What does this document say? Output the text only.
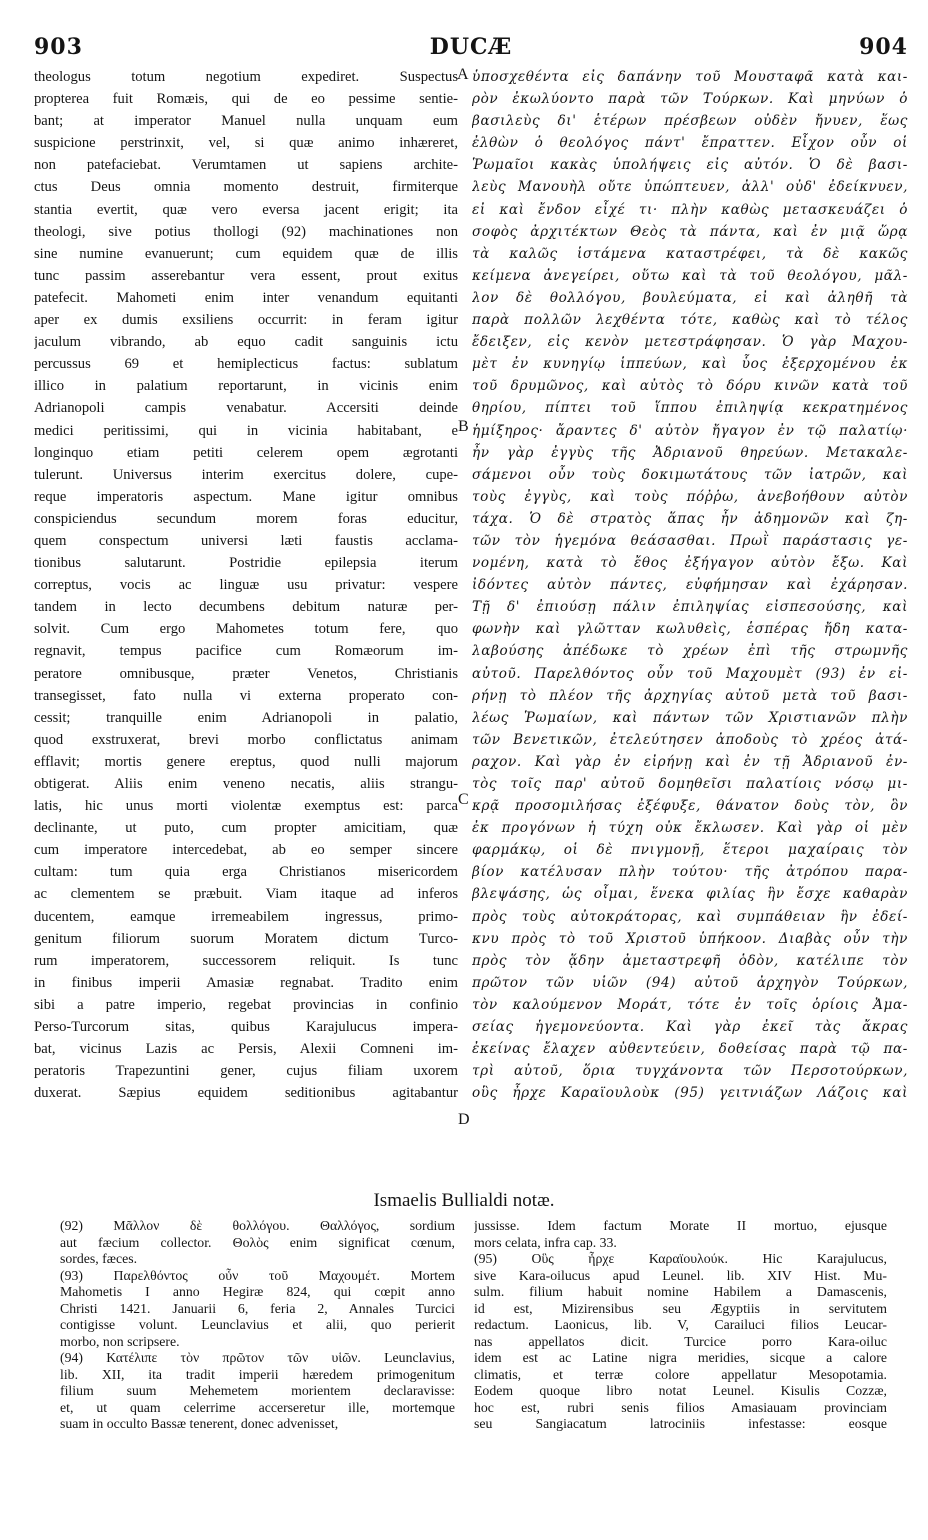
903	DUCÆ	904

theologus totum negotium expediret. Suspectus

propterea fuit Romæis, qui de eo pessime sentie-

bant; at imperator Manuel nulla unquam eum

suspicione perstrinxit, vel, si quæ animo inhæreret,

non patefaciebat. Verumtamen ut sapiens archite-

ctus Deus omnia momento destruit, firmiterque

stantia evertit, quæ vero eversa jacent erigit; ita

theologi, sive potius thollogi (92) machinationes non

sine numine evanuerunt; cum equidem quæ de illis

tunc passim asserebantur vera essent, prout exitus

patefecit. Mahometi enim inter venandum equitanti

aper ex dumis exsiliens occurrit: in feram igitur

jaculum vibrando, ab equo cadit sanguinis ictu

percussus 69 et hemiplecticus factus: sublatum

illico in palatium reportarunt, in vicinis enim

Adrianopoli campis venabatur. Accersiti deinde

medici peritissimi, qui in vicinia habitabant, e

longinquo etiam petiti celerem opem ægrotanti

tulerunt. Universus interim exercitus dolere, cupe-

reque imperatoris aspectum. Mane igitur omnibus

conspiciendus secundum morem foras educitur,

quem conspectum universi læti faustis acclama-

tionibus salutarunt. Postridie epilepsia iterum

correptus, vocis ac linguæ usu privatur: vespere

tandem in lecto decumbens debitum naturæ per-

solvit. Cum ergo Mahometes totum fere, quo

regnavit, tempus pacifice cum Romæorum im-

peratore omnibusque, præter Venetos, Christianis

transegisset, fato nulla vi externa properato con-

cessit; tranquille enim Adrianopoli in palatio,

quod exstruxerat, brevi morbo conflictatus animam

efflavit; mortis genere ereptus, quod nulli majorum

obtigerat. Aliis enim veneno necatis, aliis strangu-

latis, hic unus morti violentæ exemptus est: parca

declinante, ut puto, cum propter amicitiam, quæ

cum imperatore intercedebat, ab eo semper sincere

cultam: tum quia erga Christianos misericordem

ac clementem se præbuit. Viam itaque ad inferos

ducentem, eamque irremeabilem ingressus, primo-

genitum filiorum suorum Moratem dictum Turco-

rum imperatorem, successorem reliquit. Is tunc

in finibus imperii Amasiæ regnabat. Tradito enim

sibi a patre imperio, regebat provincias in confinio

Perso-Turcorum sitas, quibus Karajulucus impera-

bat, vicinus Lazis ac Persis, Alexii Comneni im-

peratoris Trapezuntini gener, cujus filiam uxorem

duxerat. Sæpius equidem seditionibus agitabantur

ὑποσχεθέντα εἰς δαπάνην τοῦ Μουσταφᾶ κατὰ και-

ρὸν ἐκωλύοντο παρὰ τῶν Τούρκων. Καὶ μηνύων ὁ

βασιλεὺς δι' ἑτέρων πρέσβεων οὐδὲν ἤνυεν, ἕως

ἐλθὼν ὁ θεολόγος πάντ' ἔπραττεν. Εἶχον οὖν οἱ

Ῥωμαῖοι κακὰς ὑπολήψεις εἰς αὐτόν. Ὁ δὲ βασι-

λεὺς Μανουὴλ οὔτε ὑπώπτευεν, ἀλλ' οὐδ' ἐδείκνυεν,

εἰ καὶ ἔνδον εἶχέ τι· πλὴν καθὼς μετασκευάζει ὁ

σοφὸς ἀρχιτέκτων Θεὸς τὰ πάντα, καὶ ἐν μιᾷ ὥρᾳ

τὰ καλῶς ἱστάμενα καταστρέφει, τὰ δὲ κακῶς

κείμενα ἀνεγείρει, οὕτω καὶ τὰ τοῦ θεολόγου, μᾶλ-

λον δὲ θολλόγου, βουλεύματα, εἰ καὶ ἀληθῆ τὰ

παρὰ πολλῶν λεχθέντα τότε, καθὼς καὶ τὸ τέλος

ἔδειξεν, εἰς κενὸν μετεστράφησαν. Ὁ γὰρ Μαχου-

μὲτ ἐν κυνηγίῳ ἱππεύων, καὶ ὗος ἐξερχομένου ἐκ

τοῦ δρυμῶνος, καὶ αὐτὸς τὸ δόρυ κινῶν κατὰ τοῦ

θηρίου, πίπτει τοῦ ἵππου ἐπιληψίᾳ κεκρατημένος

ἡμίξηρος· ἄραντες δ' αὐτὸν ἤγαγον ἐν τῷ παλατίῳ·

ἦν γὰρ ἐγγὺς τῆς Ἀδριανοῦ θηρεύων. Μετακαλε-

σάμενοι οὖν τοὺς δοκιμωτάτους τῶν ἰατρῶν, καὶ

τοὺς ἐγγὺς, καὶ τοὺς πόῤῥω, ἀνεβοήθουν αὐτὸν

τάχα. Ὁ δὲ στρατὸς ἅπας ἦν ἀδημονῶν καὶ ζη-

τῶν τὸν ἡγεμόνα θεάσασθαι. Πρωῒ παράστασις γε-

νομένη, κατὰ τὸ ἔθος ἐξήγαγον αὐτὸν ἔξω. Καὶ

ἰδόντες αὐτὸν πάντες, εὐφήμησαν καὶ ἐχάρησαν.

Τῇ δ' ἐπιούσῃ πάλιν ἐπιληψίας εἰσπεσούσης, καὶ

φωνὴν καὶ γλῶτταν κωλυθεὶς, ἑσπέρας ἤδη κατα-

λαβούσης ἀπέδωκε τὸ χρέων ἐπὶ τῆς στρωμνῆς

αὐτοῦ. Παρελθόντος οὖν τοῦ Μαχουμὲτ (93) ἐν εἰ-

ρήνῃ τὸ πλέον τῆς ἀρχηγίας αὐτοῦ μετὰ τοῦ βασι-

λέως Ῥωμαίων, καὶ πάντων τῶν Χριστιανῶν πλὴν

τῶν Βενετικῶν, ἐτελεύτησεν ἀποδοὺς τὸ χρέος ἀτά-

ραχον. Καὶ γὰρ ἐν εἰρήνῃ καὶ ἐν τῇ Ἀδριανοῦ ἐν-

τὸς τοῖς παρ' αὐτοῦ δομηθεῖσι παλατίοις νόσῳ μι-

κρᾷ προσομιλήσας ἐξέφυξε, θάνατον δοὺς τὸν, ὃν

ἐκ προγόνων ἡ τύχη οὐκ ἔκλωσεν. Καὶ γὰρ οἱ μὲν

φαρμάκῳ, οἱ δὲ πνιγμονῇ, ἕτεροι μαχαίραις τὸν

βίον κατέλυσαν πλὴν τούτου· τῆς ἀτρόπου παρα-

βλεψάσης, ὡς οἶμαι, ἕνεκα φιλίας ἣν ἔσχε καθαρὰν

πρὸς τοὺς αὐτοκράτορας, καὶ συμπάθειαν ἣν ἐδεί-

κνυ πρὸς τὸ τοῦ Χριστοῦ ὑπήκοον. Διαβὰς οὖν τὴν

πρὸς τὸν ᾅδην ἀμεταστρεφῆ ὁδὸν, κατέλιπε τὸν

πρῶτον τῶν υἱῶν (94) αὐτοῦ ἀρχηγὸν Τούρκων,

τὸν καλούμενον Μοράτ, τότε ἐν τοῖς ὁρίοις Ἀμα-

σείας ἡγεμονεύοντα. Καὶ γὰρ ἐκεῖ τὰς ἄκρας

ἐκείνας ἔλαχεν αὐθεντεύειν, δοθείσας παρὰ τῷ πα-

τρὶ αὐτοῦ, ὅρια τυγχάνοντα τῶν Περσοτούρκων,

οὓς ἦρχε Καραϊουλοὺκ (95) γειτνιάζων Λάζοις καὶ

A
B
C
D
Ismaelis Bullialdi notæ.

(92) Μᾶλλον δὲ θολλόγου. Θαλλόγος, sordium

aut fæcium collector. Θολὸς enim significat cœnum,

sordes, fæces.

(93) Παρελθόντος οὖν τοῦ Μαχουμέτ. Mortem

Mahometis I anno Hegiræ 824, qui cœpit anno

Christi 1421. Januarii 6, feria 2, Annales Turcici

contigisse volunt. Leunclavius et alii, quo perierit

morbo, non scripsere.

(94) Κατέλιπε τὸν πρῶτον τῶν υἱῶν. Leunclavius,

lib. XII, ita tradit imperii hæredem primogenitum

filium suum Mehemetem morientem declaravisse:

et, ut quam celerrime accerseretur ille, mortemque

suam in occulto Bassæ tenerent, donec advenisset,

jussisse. Idem factum Morate II mortuo, ejusque

mors celata, infra cap. 33.

(95) Οὓς ἦρχε Καραϊουλούκ. Hic Karajulucus,

sive Kara-oilucus apud Leunel. lib. XIV Hist. Mu-

sulm. filium habuit nomine Habilem a Damascenis,

id est, Mizirensibus seu Ægyptiis in servitutem

redactum. Laonicus, lib. V, Carailuci filios Leucar-

nas appellatos dicit. Turcice porro Kara-oiluc

idem est ac Latine nigra meridies, sicque a calore

climatis, et terræ colore appellatur Mesopotamia.

Eodem quoque libro notat Leunel. Kisulis Cozzæ,

hoc est, rubri senis filios Amasiauam provinciam

seu Sangiacatum latrociniis infestasse: eosque
